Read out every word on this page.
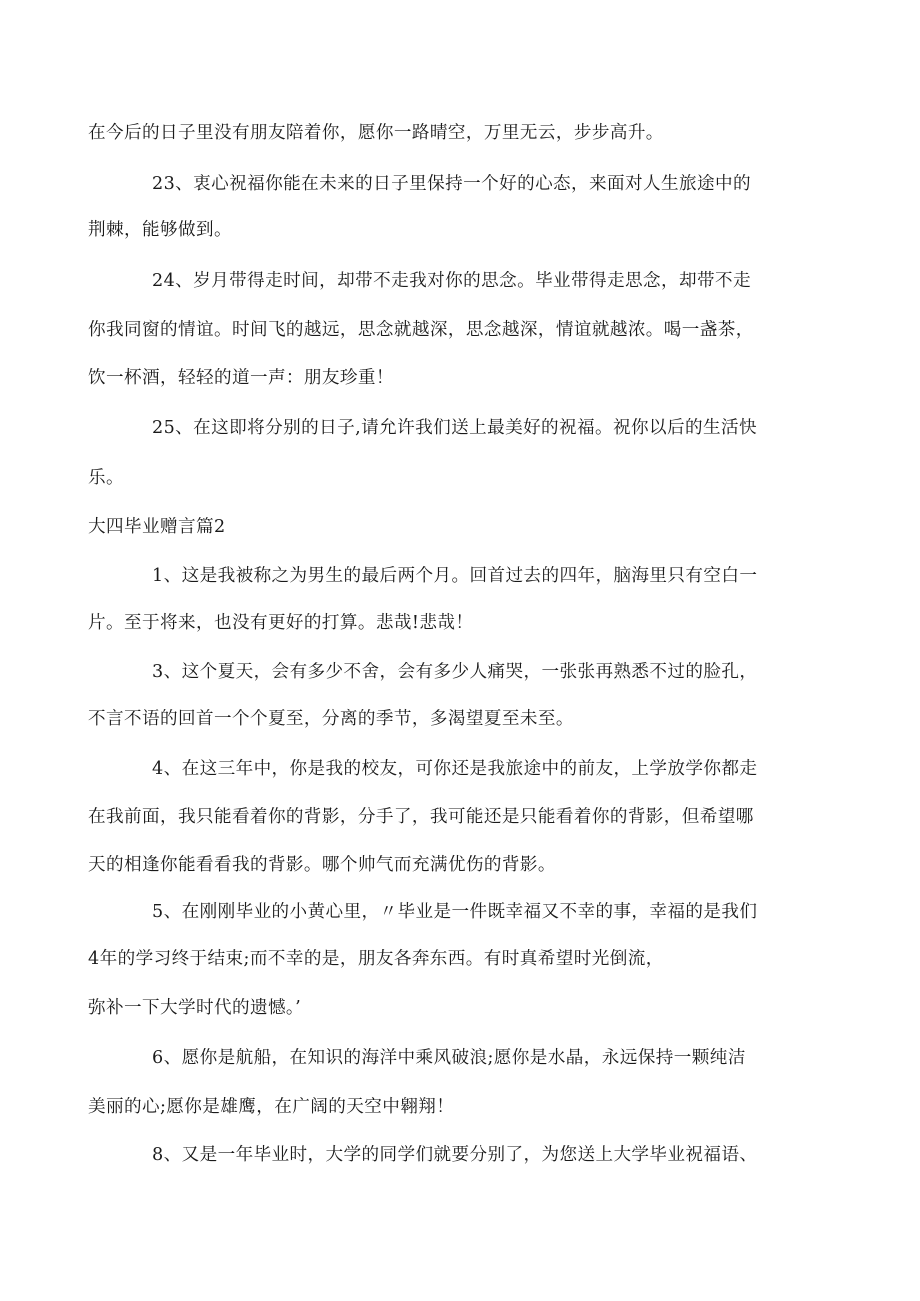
在今后的日子里没有朋友陪着你，愿你一路晴空，万里无云，步步高升。
23、衷心祝福你能在未来的日子里保持一个好的心态，来面对人生旅途中的
荆棘，能够做到。
24、岁月带得走时间，却带不走我对你的思念。毕业带得走思念，却带不走
你我同窗的情谊。时间飞的越远，思念就越深，思念越深，情谊就越浓。喝一盏茶，
饮一杯酒，轻轻的道一声：朋友珍重！
25、在这即将分别的日子,请允许我们送上最美好的祝福。祝你以后的生活快
乐。
大四毕业赠言篇2
1、这是我被称之为男生的最后两个月。回首过去的四年，脑海里只有空白一
片。至于将来，也没有更好的打算。悲哉!悲哉！
3、这个夏天，会有多少不舍，会有多少人痛哭，一张张再熟悉不过的脸孔，
不言不语的回首一个个夏至，分离的季节，多渴望夏至未至。
4、在这三年中，你是我的校友，可你还是我旅途中的前友，上学放学你都走
在我前面，我只能看着你的背影，分手了，我可能还是只能看着你的背影，但希望哪
天的相逢你能看看我的背影。哪个帅气而充满优伤的背影。
5、在刚刚毕业的小黄心里，〃毕业是一件既幸福又不幸的事，幸福的是我们
4年的学习终于结束;而不幸的是，朋友各奔东西。有时真希望时光倒流，
弥补一下大学时代的遗憾。’
6、愿你是航船，在知识的海洋中乘风破浪;愿你是水晶，永远保持一颗纯洁
美丽的心;愿你是雄鹰，在广阔的天空中翱翔！
8、又是一年毕业时，大学的同学们就要分别了，为您送上大学毕业祝福语、
